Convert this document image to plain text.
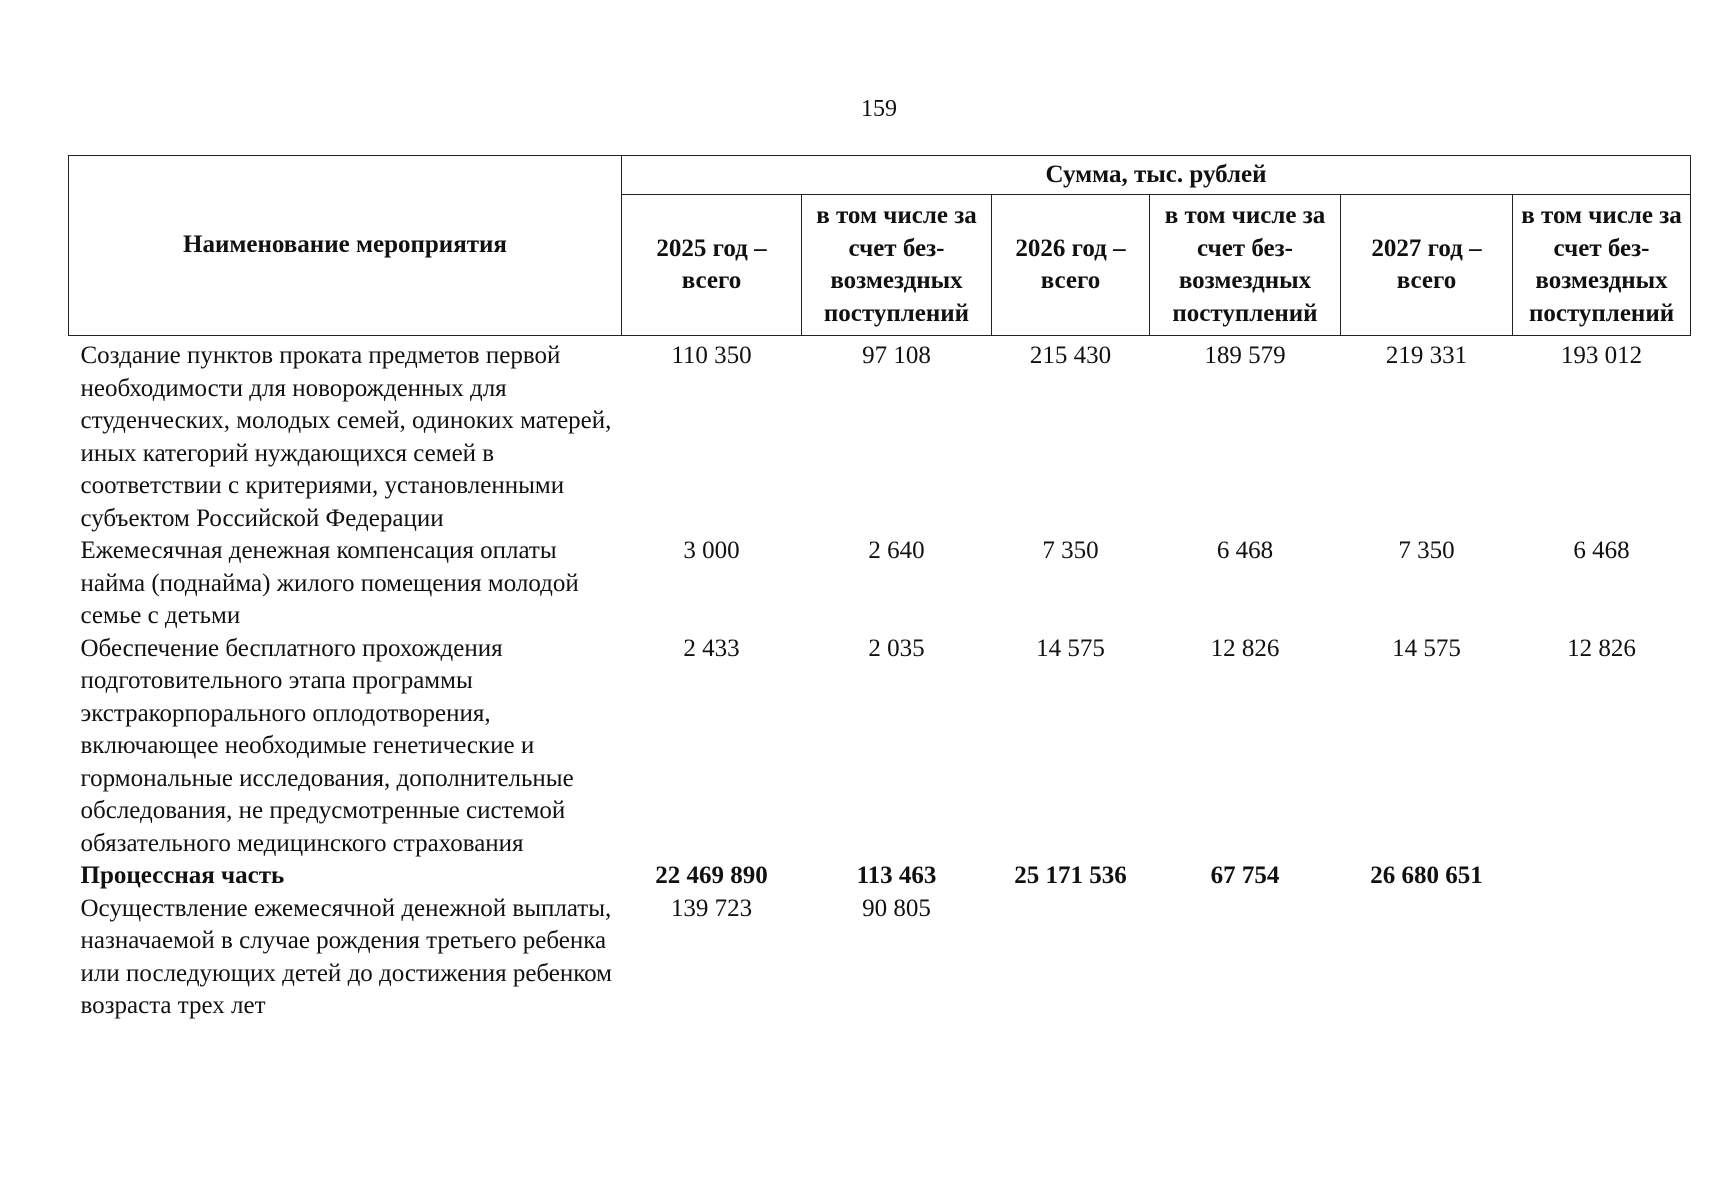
159
Наименование мероприятия	Сумма, тыс. рублей					
	2025 год – всего	в том числе за счет без-возмездных поступлений	2026 год – всего	в том числе за счет без-возмездных поступлений	2027 год – всего	в том числе за счет без-возмездных поступлений
Создание пунктов проката предметов первой необходимости для новорожденных для студенческих, молодых семей, одиноких матерей, иных категорий нуждающихся семей в соответствии с критериями, установленными субъектом Российской Федерации	110 350	97 108	215 430	189 579	219 331	193 012
Ежемесячная денежная компенсация оплаты найма (поднайма) жилого помещения молодой семье с детьми	3 000	2 640	7 350	6 468	7 350	6 468
Обеспечение бесплатного прохождения подготовительного этапа программы экстракорпорального оплодотворения, включающее необходимые генетические и гормональные исследования, дополнительные обследования, не предусмотренные системой обязательного медицинского страхования	2 433	2 035	14 575	12 826	14 575	12 826
Процессная часть	22 469 890	113 463	25 171 536	67 754	26 680 651	
Осуществление ежемесячной денежной выплаты, назначаемой в случае рождения третьего ребенка или последующих детей до достижения ребенком возраста трех лет	139 723	90 805				
